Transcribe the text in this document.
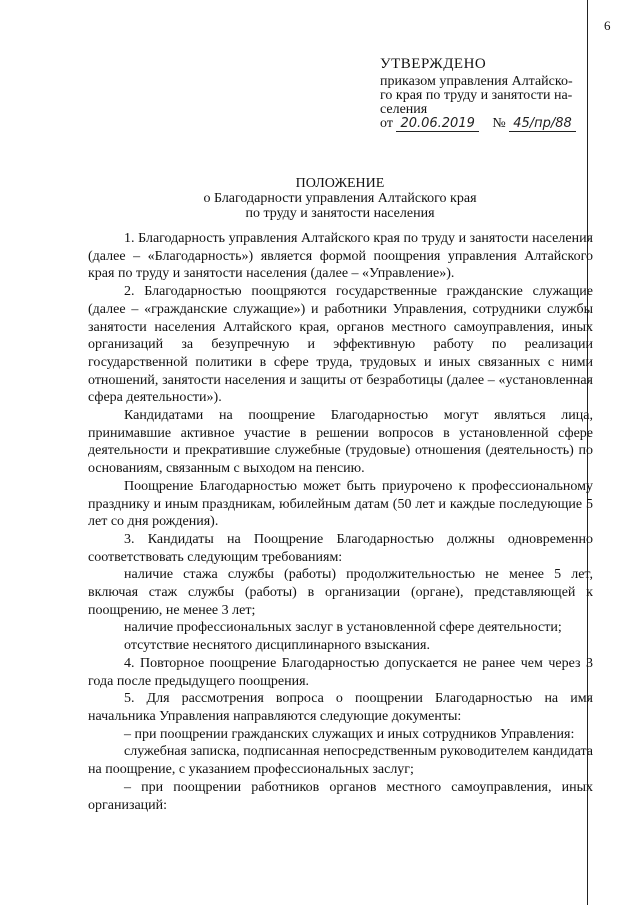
6
УТВЕРЖДЕНО
приказом управления Алтайско-
го края по труду и занятости на-
селения
от 20.06.2019 № 45/пр/88
ПОЛОЖЕНИЕ
о Благодарности управления Алтайского края
по труду и занятости населения

1. Благодарность управления Алтайского края по труду и занятости населения (далее – «Благодарность») является формой поощрения управления Алтайского края по труду и занятости населения (далее – «Управление»).

2. Благодарностью поощряются государственные гражданские служащие (далее – «гражданские служащие») и работники Управления, сотрудники службы занятости населения Алтайского края, органов местного самоуправления, иных организаций за безупречную и эффективную работу по реализации государственной политики в сфере труда, трудовых и иных связанных с ними отношений, занятости населения и защиты от безработицы (далее – «установленная сфера деятельности»).

Кандидатами на поощрение Благодарностью могут являться лица, принимавшие активное участие в решении вопросов в установленной сфере деятельности и прекратившие служебные (трудовые) отношения (деятельность) по основаниям, связанным с выходом на пенсию.

Поощрение Благодарностью может быть приурочено к профессиональному празднику и иным праздникам, юбилейным датам (50 лет и каждые последующие 5 лет со дня рождения).

3. Кандидаты на Поощрение Благодарностью должны одновременно соответствовать следующим требованиям:

наличие стажа службы (работы) продолжительностью не менее 5 лет, включая стаж службы (работы) в организации (органе), представляющей к поощрению, не менее 3 лет;

наличие профессиональных заслуг в установленной сфере деятельности;

отсутствие неснятого дисциплинарного взыскания.

4. Повторное поощрение Благодарностью допускается не ранее чем через 3 года после предыдущего поощрения.

5. Для рассмотрения вопроса о поощрении Благодарностью на имя начальника Управления направляются следующие документы:

– при поощрении гражданских служащих и иных сотрудников Управления:

служебная записка, подписанная непосредственным руководителем кандидата на поощрение, с указанием профессиональных заслуг;

– при поощрении работников органов местного самоуправления, иных организаций:
